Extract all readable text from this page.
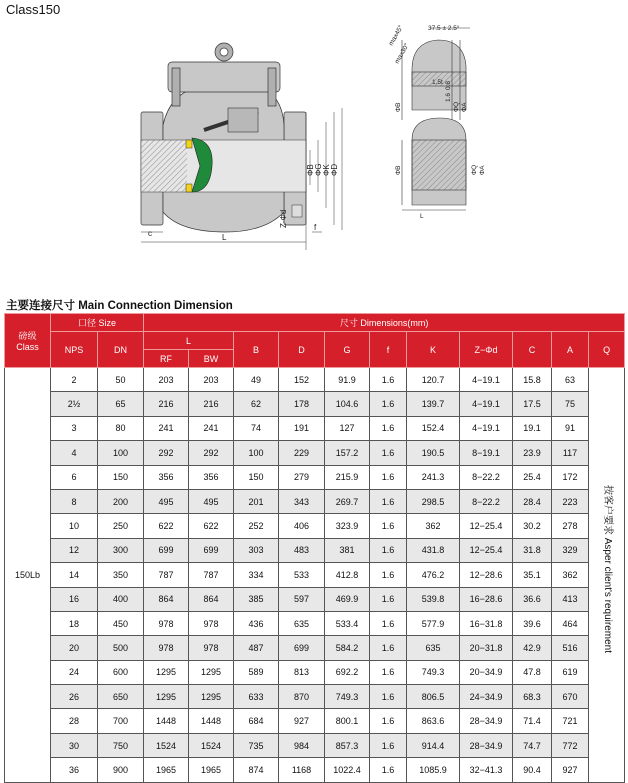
Class150
c	L
f
Z-Φd
ΦB ΦG ΦK ΦD
37.5 ± 2.5°
max45°
max30°
1.5t
1.6
0.8
ΦB	ΦQ ΦA
ΦB	ΦQ ΦA
L
主要连接尺寸 Main Connection Dimension
磅级
Class	口径 Size		尺寸 Dimensions(mm)										
	NPS	DN	L		B	D	G	f	K	Z−Φd	C	A	Q
			RF	BW									
150Lb	2	50	203	203	49	152	91.9	1.6	120.7	4−19.1	15.8	63	按客户要求 Asper client's requirement

	2½	65	216	216	62	178	104.6	1.6	139.7	4−19.1	17.5	75	
	3	80	241	241	74	191	127	1.6	152.4	4−19.1	19.1	91	
	4	100	292	292	100	229	157.2	1.6	190.5	8−19.1	23.9	117	
	6	150	356	356	150	279	215.9	1.6	241.3	8−22.2	25.4	172	
	8	200	495	495	201	343	269.7	1.6	298.5	8−22.2	28.4	223	
	10	250	622	622	252	406	323.9	1.6	362	12−25.4	30.2	278	
	12	300	699	699	303	483	381	1.6	431.8	12−25.4	31.8	329	
	14	350	787	787	334	533	412.8	1.6	476.2	12−28.6	35.1	362	
	16	400	864	864	385	597	469.9	1.6	539.8	16−28.6	36.6	413	
	18	450	978	978	436	635	533.4	1.6	577.9	16−31.8	39.6	464	
	20	500	978	978	487	699	584.2	1.6	635	20−31.8	42.9	516	
	24	600	1295	1295	589	813	692.2	1.6	749.3	20−34.9	47.8	619	
	26	650	1295	1295	633	870	749.3	1.6	806.5	24−34.9	68.3	670	
	28	700	1448	1448	684	927	800.1	1.6	863.6	28−34.9	71.4	721	
	30	750	1524	1524	735	984	857.3	1.6	914.4	28−34.9	74.7	772	
	36	900	1965	1965	874	1168	1022.4	1.6	1085.9	32−41.3	90.4	927	
